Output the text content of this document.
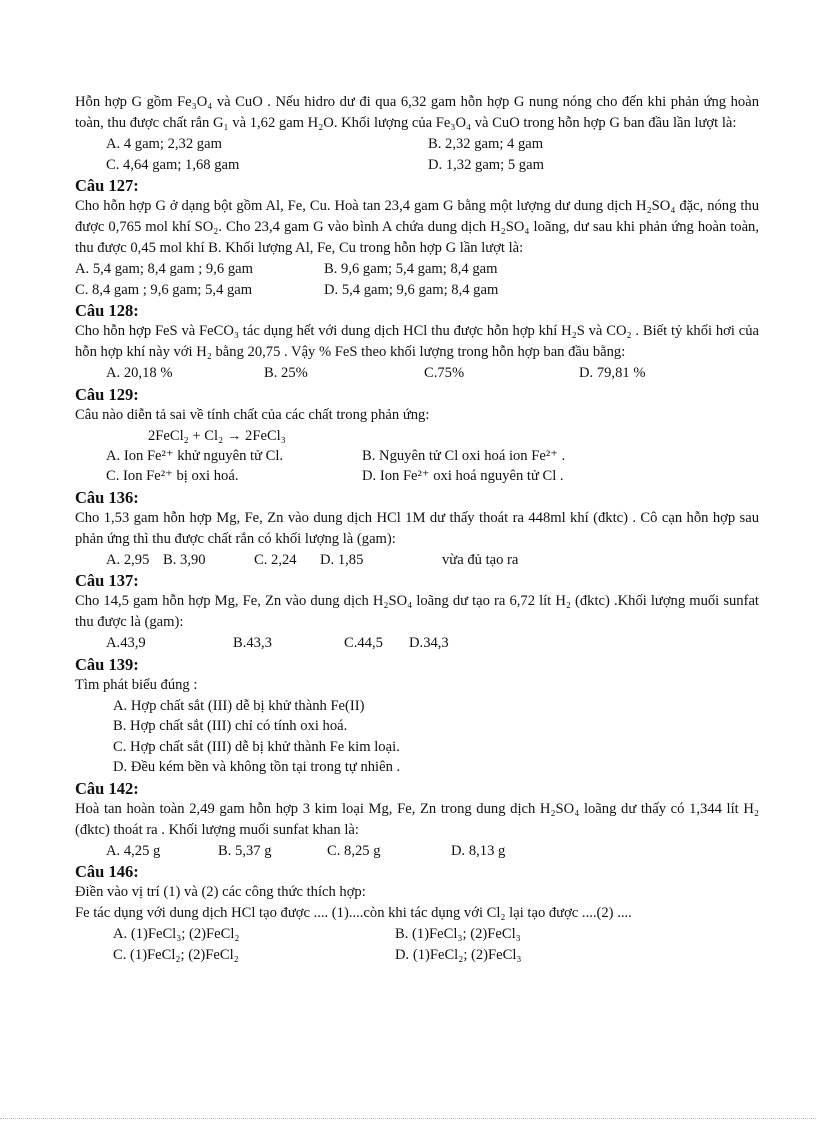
Hỗn hợp G gồm Fe₃O₄ và CuO . Nếu hidro dư đi qua 6,32 gam hỗn hợp G nung nóng cho đến khi phản ứng hoàn toàn, thu được chất rắn G₁ và 1,62 gam H₂O. Khối lượng của Fe₃O₄ và CuO trong hỗn hợp G ban đầu lần lượt là:

A. 4 gam; 2,32 gam	B. 2,32 gam; 4 gam
C. 4,64 gam; 1,68 gam	D. 1,32 gam; 5 gam

Câu 127:

Cho hỗn hợp G ở dạng bột gồm Al, Fe, Cu. Hoà tan 23,4 gam G bằng một lượng dư dung dịch H₂SO₄ đặc, nóng thu được 0,765 mol khí SO₂. Cho 23,4 gam G vào bình A chứa dung dịch H₂SO₄ loãng, dư sau khi phản ứng hoàn toàn, thu được 0,45 mol khí B. Khối lượng Al, Fe, Cu trong hỗn hợp G lần lượt là:

A. 5,4 gam; 8,4 gam ; 9,6 gam	B. 9,6 gam; 5,4 gam; 8,4 gam
C. 8,4 gam ; 9,6 gam; 5,4 gam	D. 5,4 gam; 9,6 gam; 8,4 gam

Câu 128:

Cho hỗn hợp FeS và FeCO₃ tác dụng hết với dung dịch HCl thu được hỗn hợp khí H₂S và CO₂ . Biết tỷ khối hơi của hỗn hợp khí này với H₂ bằng 20,75 . Vậy % FeS theo khối lượng trong hỗn hợp ban đầu bằng:

A. 20,18 %	B. 25%	C.75%	D. 79,81 %

Câu 129:

Câu nào diễn tả sai về tính chất của các chất trong phản ứng:

2FeCl₂ + Cl₂ → 2FeCl₃
A. Ion Fe²⁺ khử nguyên tử Cl.	B. Nguyên tử Cl oxi hoá ion Fe²⁺ .
C. Ion Fe²⁺ bị oxi hoá.	D. Ion Fe²⁺ oxi hoá nguyên tử Cl .

Câu 136:

Cho 1,53 gam hỗn hợp Mg, Fe, Zn vào dung dịch HCl 1M dư thấy thoát ra 448ml khí (đktc) . Cô cạn hỗn hợp sau phản ứng thì thu được chất rắn có khối lượng là (gam):

A. 2,95 B. 3,90	C. 2,24	D. 1,85	vừa đủ tạo ra

Câu 137:

Cho 14,5 gam hỗn hợp Mg, Fe, Zn vào dung dịch H₂SO₄ loãng dư tạo ra 6,72 lít H₂ (đktc) .Khối lượng muối sunfat thu được là (gam):

A.43,9	B.43,3	C.44,5	D.34,3

Câu 139:

Tìm phát biểu đúng :

A. Hợp chất sắt (III) dễ bị khử thành Fe(II)
B. Hợp chất sắt (III) chỉ có tính oxi hoá.
C. Hợp chất sắt (III) dễ bị khử thành Fe kim loại.
D. Đều kém bền và không tồn tại trong tự nhiên .

Câu 142:

Hoà tan hoàn toàn 2,49 gam hỗn hợp 3 kim loại Mg, Fe, Zn trong dung dịch H₂SO₄ loãng dư thấy có 1,344 lít H₂ (đktc) thoát ra . Khối lượng muối sunfat khan là:

A. 4,25 g	B. 5,37 g	C. 8,25 g	D. 8,13 g

Câu 146:

Điền vào vị trí (1) và (2) các công thức thích hợp:

Fe tác dụng với dung dịch HCl tạo được .... (1)....còn khi tác dụng với Cl₂ lại tạo được ....(2) ....

A. (1)FeCl₃; (2)FeCl₂	B. (1)FeCl₃; (2)FeCl₃
C. (1)FeCl₂; (2)FeCl₂	D. (1)FeCl₂; (2)FeCl₃
